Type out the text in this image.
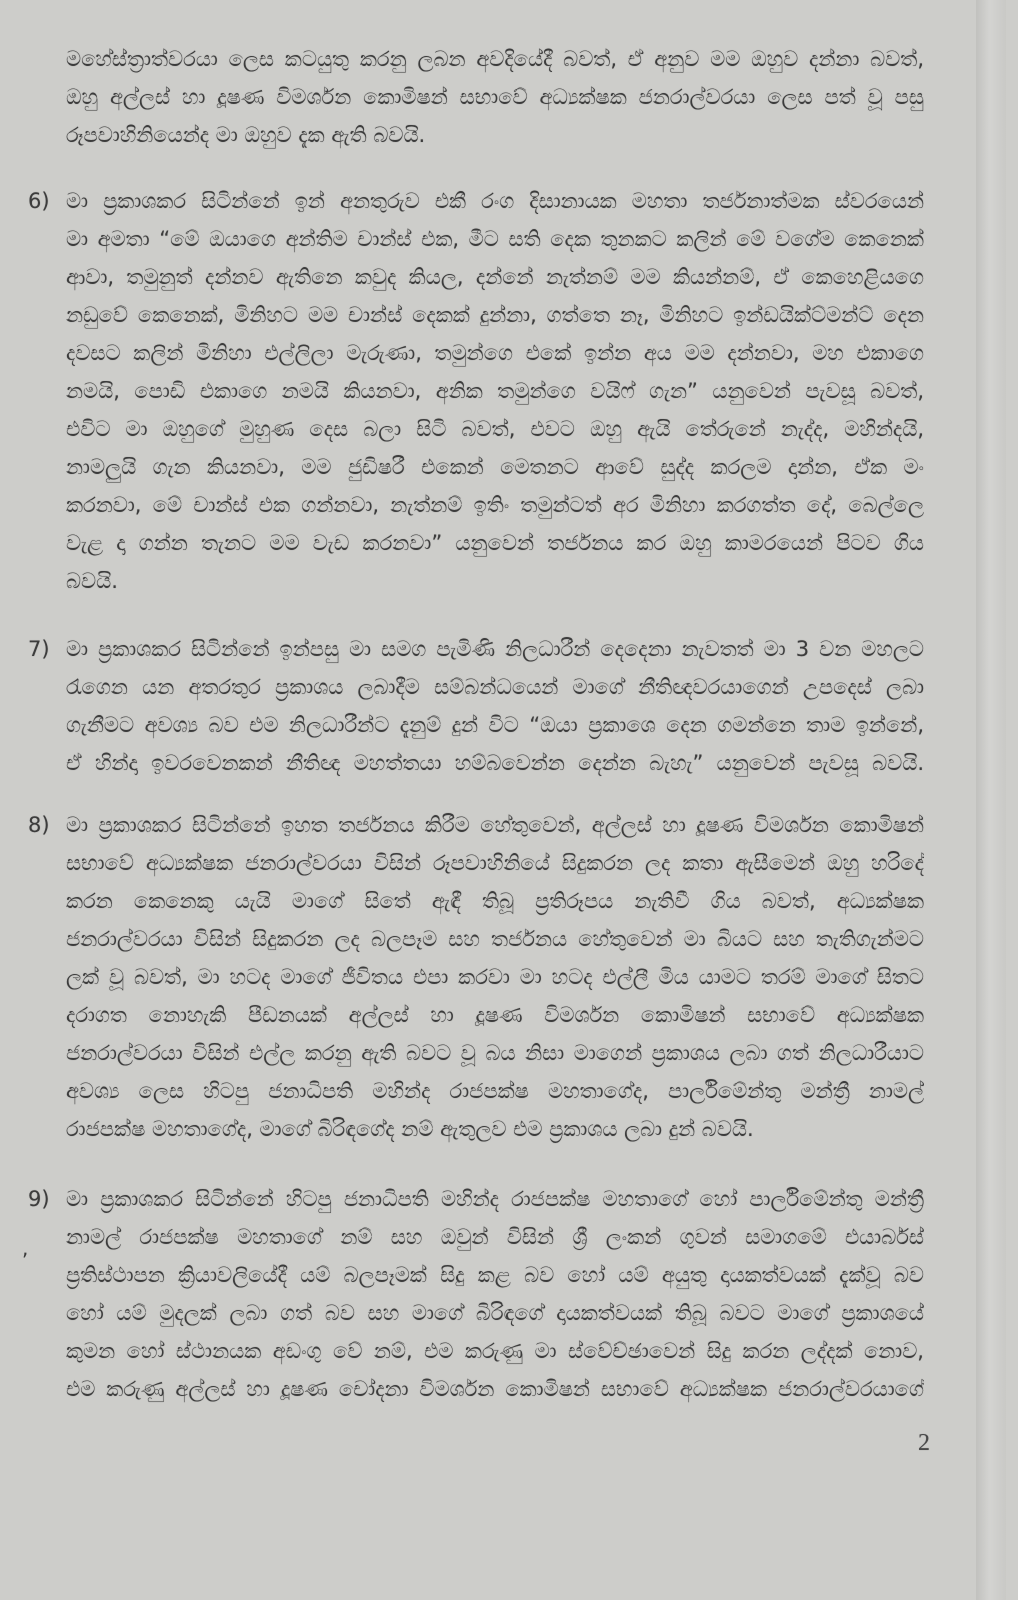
මහේස්ත්‍රාත්වරයා ලෙස කටයුතු කරනු ලබන අවදියේදී බවත්, ඒ අනුව මම ඔහුව දන්නා බවත්,
ඔහු අල්ලස් හා දූෂණ විමර්ශන කොමිෂන් සභාවේ අධ්‍යක්ෂක ජනරාල්වරයා ලෙස පත් වූ පසු
රූපවාහිනියෙන්ද මා ඔහුව දැක ඇති බවයි.
6) මා ප්‍රකාශකර සිටින්නේ ඉන් අනතුරුව එකී රංග දිසානායක මහතා තර්ජනාත්මක ස්වරයෙන්
මා අමතා “මේ ඔයාගෙ අන්තිම චාන්ස් එක, මීට සති දෙක තුනකට කලින් මේ වගේම කෙනෙක්
ආවා, තමුනුත් දන්නව ඇතිනෙ කවුද කියල, දන්නේ නැත්නම් මම කියන්නම්, ඒ කෙහෙළියගෙ
නඩුවේ කෙනෙක්, මිනිහට මම චාන්ස් දෙකක් දුන්නා, ගත්තෙ නෑ, මිනිහට ඉන්ඩයික්ට්මන්ට් දෙන
දවසට කලින් මිනිහා එල්ලිලා මැරුණා, තමුන්ගෙ එකේ ඉන්න අය මම දන්නවා, මහ එකාගෙ
නමයි, පොඩි එකාගෙ නමයි කියනවා, අනික තමුන්ගෙ වයිෆ් ගැන” යනුවෙන් පැවසූ බවත්,
එවිට මා ඔහුගේ මුහුණ දෙස බලා සිටි බවත්, එවට ඔහු ඇයි තේරුනේ නැද්ද, මහින්දයි,
නාමලුයි ගැන කියනවා, මම ජුඩිෂරී එකෙන් මෙතනට ආවේ සුද්ද කරලම දාන්න, ඒක මං
කරනවා, මේ චාන්ස් එක ගන්නවා, නැත්නම් ඉතිං තමුන්ටත් අර මිනිහා කරගත්ත දේ, බෙල්ලෙ
වැළ දා ගන්න තැනට මම වැඩ කරනවා” යනුවෙන් තර්ජනය කර ඔහු කාමරයෙන් පිටව ගිය
බවයි.
7) මා ප්‍රකාශකර සිටින්නේ ඉන්පසු මා සමග පැමිණි නිලධාරීන් දෙදෙනා නැවතත් මා 3 වන මහලට
රැගෙන යන අතරතුර ප්‍රකාශය ලබාදීම සම්බන්ධයෙන් මාගේ නීතිඥවරයාගෙන් උපදෙස් ලබා
ගැනීමට අවශ්‍ය බව එම නිලධාරීන්ට දැනුම් දුන් විට “ඔයා ප්‍රකාශෙ දෙන ගමන්නෙ තාම ඉන්නේ,
ඒ හින්දා ඉවරවෙනකන් නීතිඥ මහත්තයා හම්බවෙන්න දෙන්න බැහැ” යනුවෙන් පැවසූ බවයි.
8) මා ප්‍රකාශකර සිටින්නේ ඉහත තර්ජනය කිරීම හේතුවෙන්, අල්ලස් හා දූෂණ විමර්ශන කොමිෂන්
සභාවේ අධ්‍යක්ෂක ජනරාල්වරයා විසින් රූපවාහිනියේ සිදුකරන ලද කතා ඇසීමෙන් ඔහු හරිදේ
කරන කෙනෙකු යැයි මාගේ සිතේ ඇඳී තිබූ ප්‍රතිරූපය නැතිවී ගිය බවත්, අධ්‍යක්ෂක
ජනරාල්වරයා විසින් සිදුකරන ලද බලපෑම සහ තර්ජනය හේතුවෙන් මා බියට සහ තැතිගැන්මට
ලක් වූ බවත්, මා හටද මාගේ ජීවිතය එපා කරවා මා හටද එල්ලී මිය යාමට තරම් මාගේ සිතට
දරාගත නොහැකි පීඩනයක් අල්ලස් හා දූෂණ විමර්ශන කොමිෂන් සභාවේ අධ්‍යක්ෂක
ජනරාල්වරයා විසින් එල්ල කරනු ඇති බවට වූ බය නිසා මාගෙන් ප්‍රකාශය ලබා ගත් නිලධාරීයාට
අවශ්‍ය ලෙස හිටපු ජනාධිපති මහින්ද රාජපක්ෂ මහතාගේද, පාර්ලිමේන්තු මන්ත්‍රී නාමල්
රාජපක්ෂ මහතාගේද, මාගේ බිරිඳගේද නම් ඇතුලව එම ප්‍රකාශය ලබා දුන් බවයි.
9) මා ප්‍රකාශකර සිටින්නේ හිටපු ජනාධිපති මහින්ද රාජපක්ෂ මහතාගේ හෝ පාර්ලිමේන්තු මන්ත්‍රී
නාමල් රාජපක්ෂ මහතාගේ නම් සහ ඔවුන් විසින් ශ්‍රී ලංකන් ගුවන් සමාගමේ එයාර්බස්
ප්‍රතිස්ථාපන ක්‍රියාවලියේදී යම් බලපෑමක් සිදු කළ බව හෝ යම් අයුතු දායකත්වයක් දැක්වූ බව
හෝ යම් මුදලක් ලබා ගත් බව සහ මාගේ බිරිඳගේ දායකත්වයක් තිබූ බවට මාගේ ප්‍රකාශයේ
කුමන හෝ ස්ථානයක අඩංගු වේ නම්, එම කරුණු මා ස්වේච්ඡාවෙන් සිදු කරන ලද්දක් නොව,
එම කරුණු අල්ලස් හා දූෂණ චෝදනා විමර්ශන කොමිෂන් සභාවේ අධ්‍යක්ෂක ජනරාල්වරයාගේ
,
2
